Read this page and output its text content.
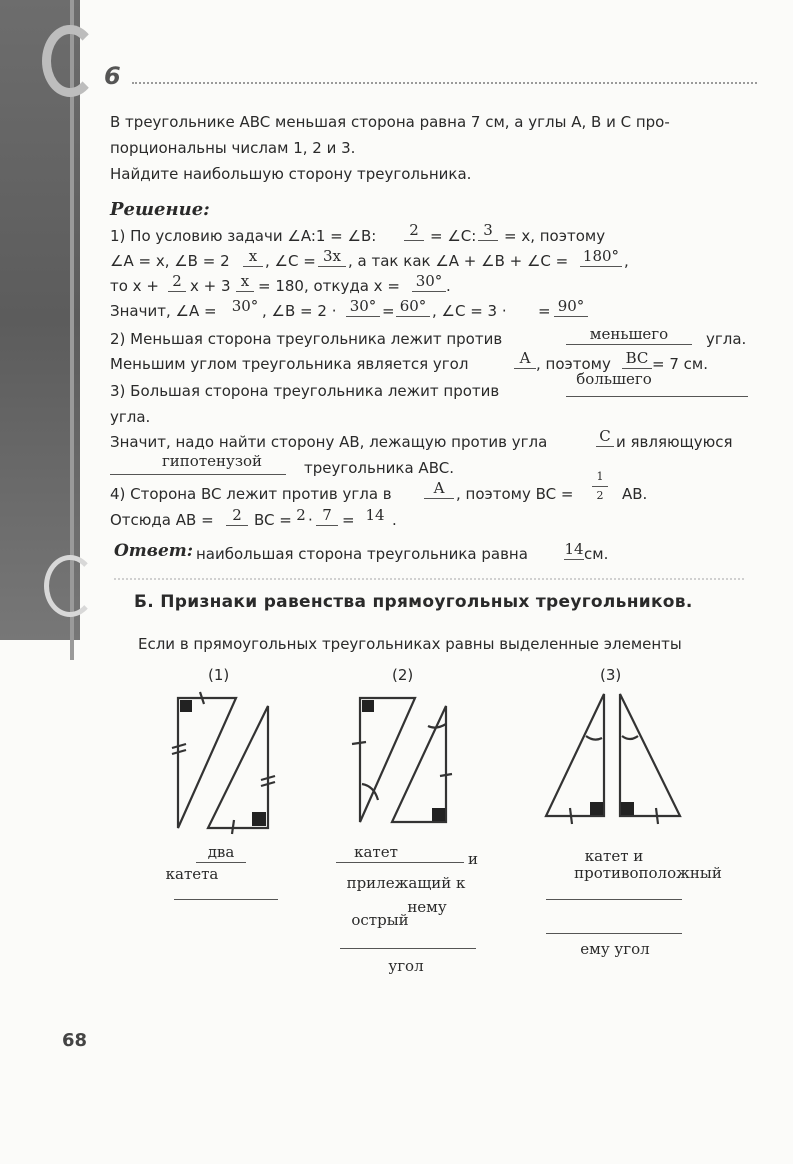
6
В треугольнике ABC меньшая сторона равна 7 см, а углы A, B и C про-
порциональны числам 1, 2 и 3.
Найдите наибольшую сторону треугольника.
Решение:
1) По условию задачи ∠A:1 = ∠B:	2 = ∠C: 3 = x, поэтому
∠A = x, ∠B = 2	x , ∠C = 3x , а так как ∠A + ∠B + ∠C = 180° ,
то x + 2 x + 3 x = 180, откуда x = 30° .
Значит, ∠A = 30° , ∠B = 2 · 30° = 60° , ∠C = 3 · = 90°
2) Меньшая сторона треугольника лежит против	меньшего	угла.
Меньшим углом треугольника является угол	A , поэтому BC = 7 см.
большего
3) Большая сторона треугольника лежит против
угла.
Значит, надо найти сторону AB, лежащую против угла	C и являющуюся
гипотенузой	треугольника ABC.
4) Сторона BC лежит против угла в	A , поэтому BC =
1
2	AB.
Отсюда AB =	2 BC = 2 · 7 = 14 .
Ответ: наибольшая сторона треугольника равна 14 см.
Б. Признаки равенства прямоугольных треугольников.
Если в прямоугольных треугольниках равны выделенные элементы
(1)	(2)	(3)
два
катета
катет	и
прилежащий к
нему
острый
угол
катет и
противоположный
ему угол
68
